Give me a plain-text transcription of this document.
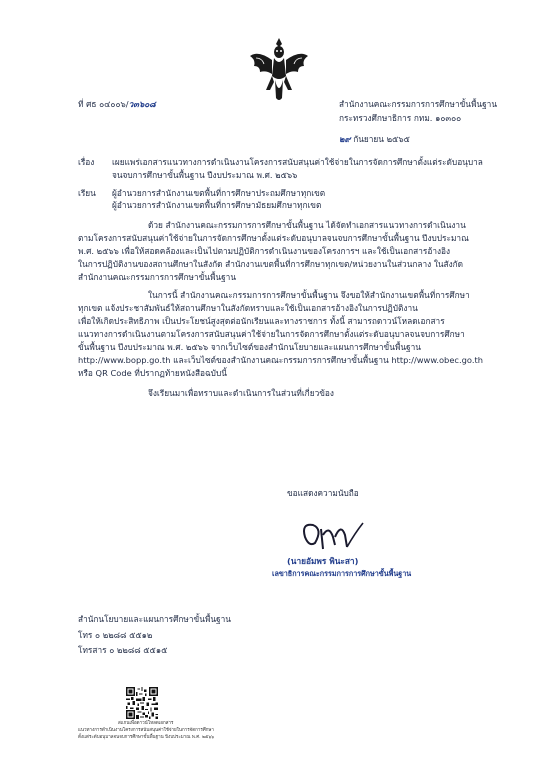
ที่ ศธ ๐๔๐๐๖/ว๓๖๐๘	สำนักงานคณะกรรมการการศึกษาขั้นพื้นฐาน
กระทรวงศึกษาธิการ กทม. ๑๐๓๐๐
๒๙ กันยายน ๒๕๖๕
เรื่อง เผยแพร่เอกสารแนวทางการดำเนินงานโครงการสนับสนุนค่าใช้จ่ายในการจัดการศึกษาตั้งแต่ระดับอนุบาล
จนจบการศึกษาขั้นพื้นฐาน ปีงบประมาณ พ.ศ. ๒๕๖๖
เรียน ผู้อำนวยการสำนักงานเขตพื้นที่การศึกษาประถมศึกษาทุกเขต
ผู้อำนวยการสำนักงานเขตพื้นที่การศึกษามัธยมศึกษาทุกเขต
ด้วย สำนักงานคณะกรรมการการศึกษาขั้นพื้นฐาน ได้จัดทำเอกสารแนวทางการดำเนินงาน
ตามโครงการสนับสนุนค่าใช้จ่ายในการจัดการศึกษาตั้งแต่ระดับอนุบาลจนจบการศึกษาขั้นพื้นฐาน ปีงบประมาณ
พ.ศ. ๒๕๖๖ เพื่อให้สอดคล้องและเป็นไปตามปฏิบัติการดำเนินงานของโครงการฯ และใช้เป็นเอกสารอ้างอิง
ในการปฏิบัติงานของสถานศึกษาในสังกัด สำนักงานเขตพื้นที่การศึกษาทุกเขต/หน่วยงานในส่วนกลาง ในสังกัด
สำนักงานคณะกรรมการการศึกษาขั้นพื้นฐาน
ในการนี้ สำนักงานคณะกรรมการการศึกษาขั้นพื้นฐาน จึงขอให้สำนักงานเขตพื้นที่การศึกษา
ทุกเขต แจ้งประชาสัมพันธ์ให้สถานศึกษาในสังกัดทราบและใช้เป็นเอกสารอ้างอิงในการปฏิบัติงาน
เพื่อให้เกิดประสิทธิภาพ เป็นประโยชน์สูงสุดต่อนักเรียนและทางราชการ ทั้งนี้ สามารถดาวน์โหลดเอกสาร
แนวทางการดำเนินงานตามโครงการสนับสนุนค่าใช้จ่ายในการจัดการศึกษาตั้งแต่ระดับอนุบาลจนจบการศึกษา
ขั้นพื้นฐาน ปีงบประมาณ พ.ศ. ๒๕๖๖ จากเว็บไซต์ของสำนักนโยบายและแผนการศึกษาขั้นพื้นฐาน
http://www.bopp.go.th และเว็บไซต์ของสำนักงานคณะกรรมการการศึกษาขั้นพื้นฐาน http://www.obec.go.th
หรือ QR Code ที่ปรากฏท้ายหนังสือฉบับนี้
จึงเรียนมาเพื่อทราบและดำเนินการในส่วนที่เกี่ยวข้อง
ขอแสดงความนับถือ
(นายอัมพร พินะสา)
เลขาธิการคณะกรรมการการศึกษาขั้นพื้นฐาน
สำนักนโยบายและแผนการศึกษาขั้นพื้นฐาน
โทร ๐ ๒๒๘๘ ๕๕๑๒
โทรสาร ๐ ๒๒๘๘ ๕๕๑๕
สแกนเพื่อดาวน์โหลดเอกสาร
แนวทางการดำเนินงานโครงการสนับสนุนค่าใช้จ่ายในการจัดการศึกษา
ตั้งแต่ระดับอนุบาลจนจบการศึกษาขั้นพื้นฐาน ปีงบประมาณ พ.ศ. ๒๕๖๖
